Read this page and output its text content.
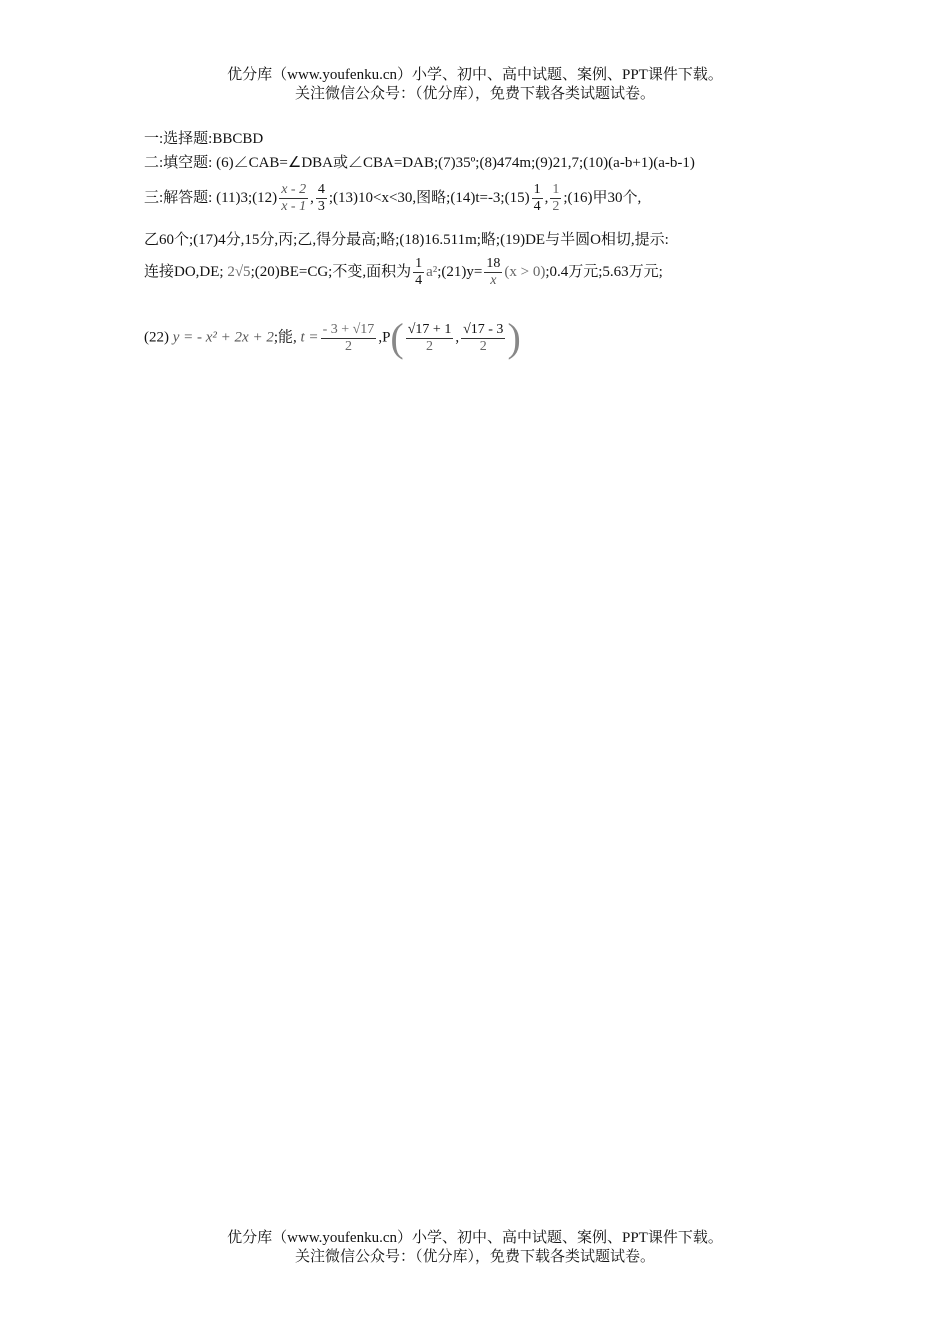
优分库（www.youfenku.cn）小学、初中、高中试题、案例、PPT课件下载。
关注微信公众号：（优分库），免费下载各类试题试卷。
一:选择题:BBCBD
二:填空题: (6)∠CAB=∠DBA或∠CBA=DAB;(7)35º;(8)474m;(9)21,7;(10)(a-b+1)(a-b-1)
三:解答题: (11)3;(12) $\frac{x - 2}{x - 1}$ , $\frac{4}{3}$ ;(13)10<x<30,图略;(14)t=-3;(15) $\frac{1}{4}$ , $\frac{1}{2}$ ;(16)甲30个,
乙60个;(17)4分,15分,丙;乙,得分最高;略;(18)16.511m;略;(19)DE与半圆O相切,提示:
连接DO,DE; 2√5;(20)BE=CG;不变,面积为 $\frac{1}{4}$ a²;(21)y= $\frac{18}{x} (x$ > 0);0.4万元;5.63万元;
(22) y = - x² + 2x + 2;能, $t = \frac{- 3 + √17}{2} ,P( \frac{√17 + 1}{2}$ , $\frac{√17 - 3}{2}$ )
优分库（www.youfenku.cn）小学、初中、高中试题、案例、PPT课件下载。
关注微信公众号：（优分库），免费下载各类试题试卷。
